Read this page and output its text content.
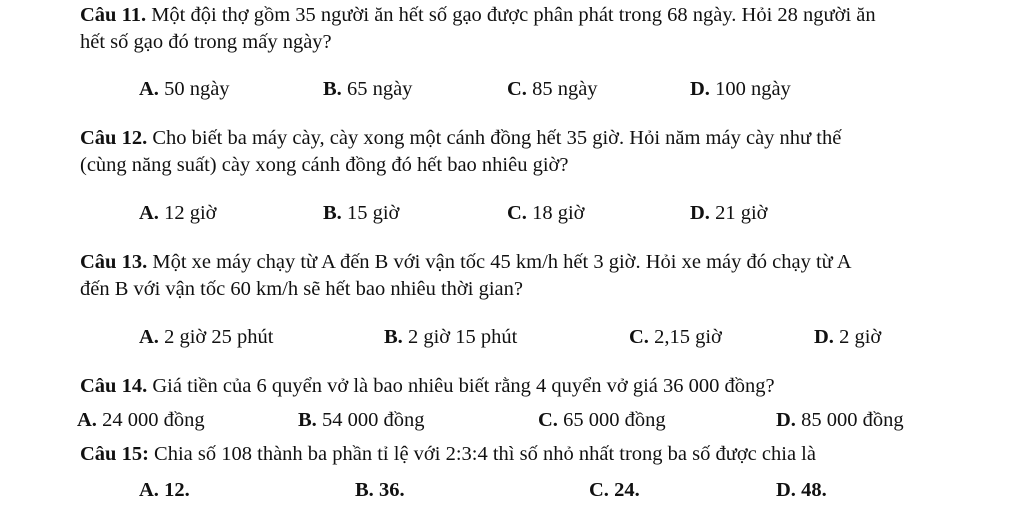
Câu 11. Một đội thợ gồm 35 người ăn hết số gạo được phân phát trong 68 ngày. Hỏi 28 người ăn
hết số gạo đó trong mấy ngày?
A. 50 ngày	B. 65 ngày	C. 85 ngày	D. 100 ngày
Câu 12. Cho biết ba máy cày, cày xong một cánh đồng hết 35 giờ. Hỏi năm máy cày như thế
(cùng năng suất) cày xong cánh đồng đó hết bao nhiêu giờ?
A. 12 giờ	B. 15 giờ	C. 18 giờ	D. 21 giờ
Câu 13. Một xe máy chạy từ A đến B với vận tốc 45 km/h hết 3 giờ. Hỏi xe máy đó chạy từ A
đến B với vận tốc 60 km/h sẽ hết bao nhiêu thời gian?
A. 2 giờ 25 phút	B. 2 giờ 15 phút	C. 2,15 giờ	D. 2 giờ
Câu 14. Giá tiền của 6 quyển vở là bao nhiêu biết rằng 4 quyển vở giá 36 000 đồng?
A. 24 000 đồng	B. 54 000 đồng	C. 65 000 đồng	D. 85 000 đồng
Câu 15: Chia số 108 thành ba phần tỉ lệ với 2:3:4 thì số nhỏ nhất trong ba số được chia là
A. 12.	B. 36.	C. 24.	D. 48.
